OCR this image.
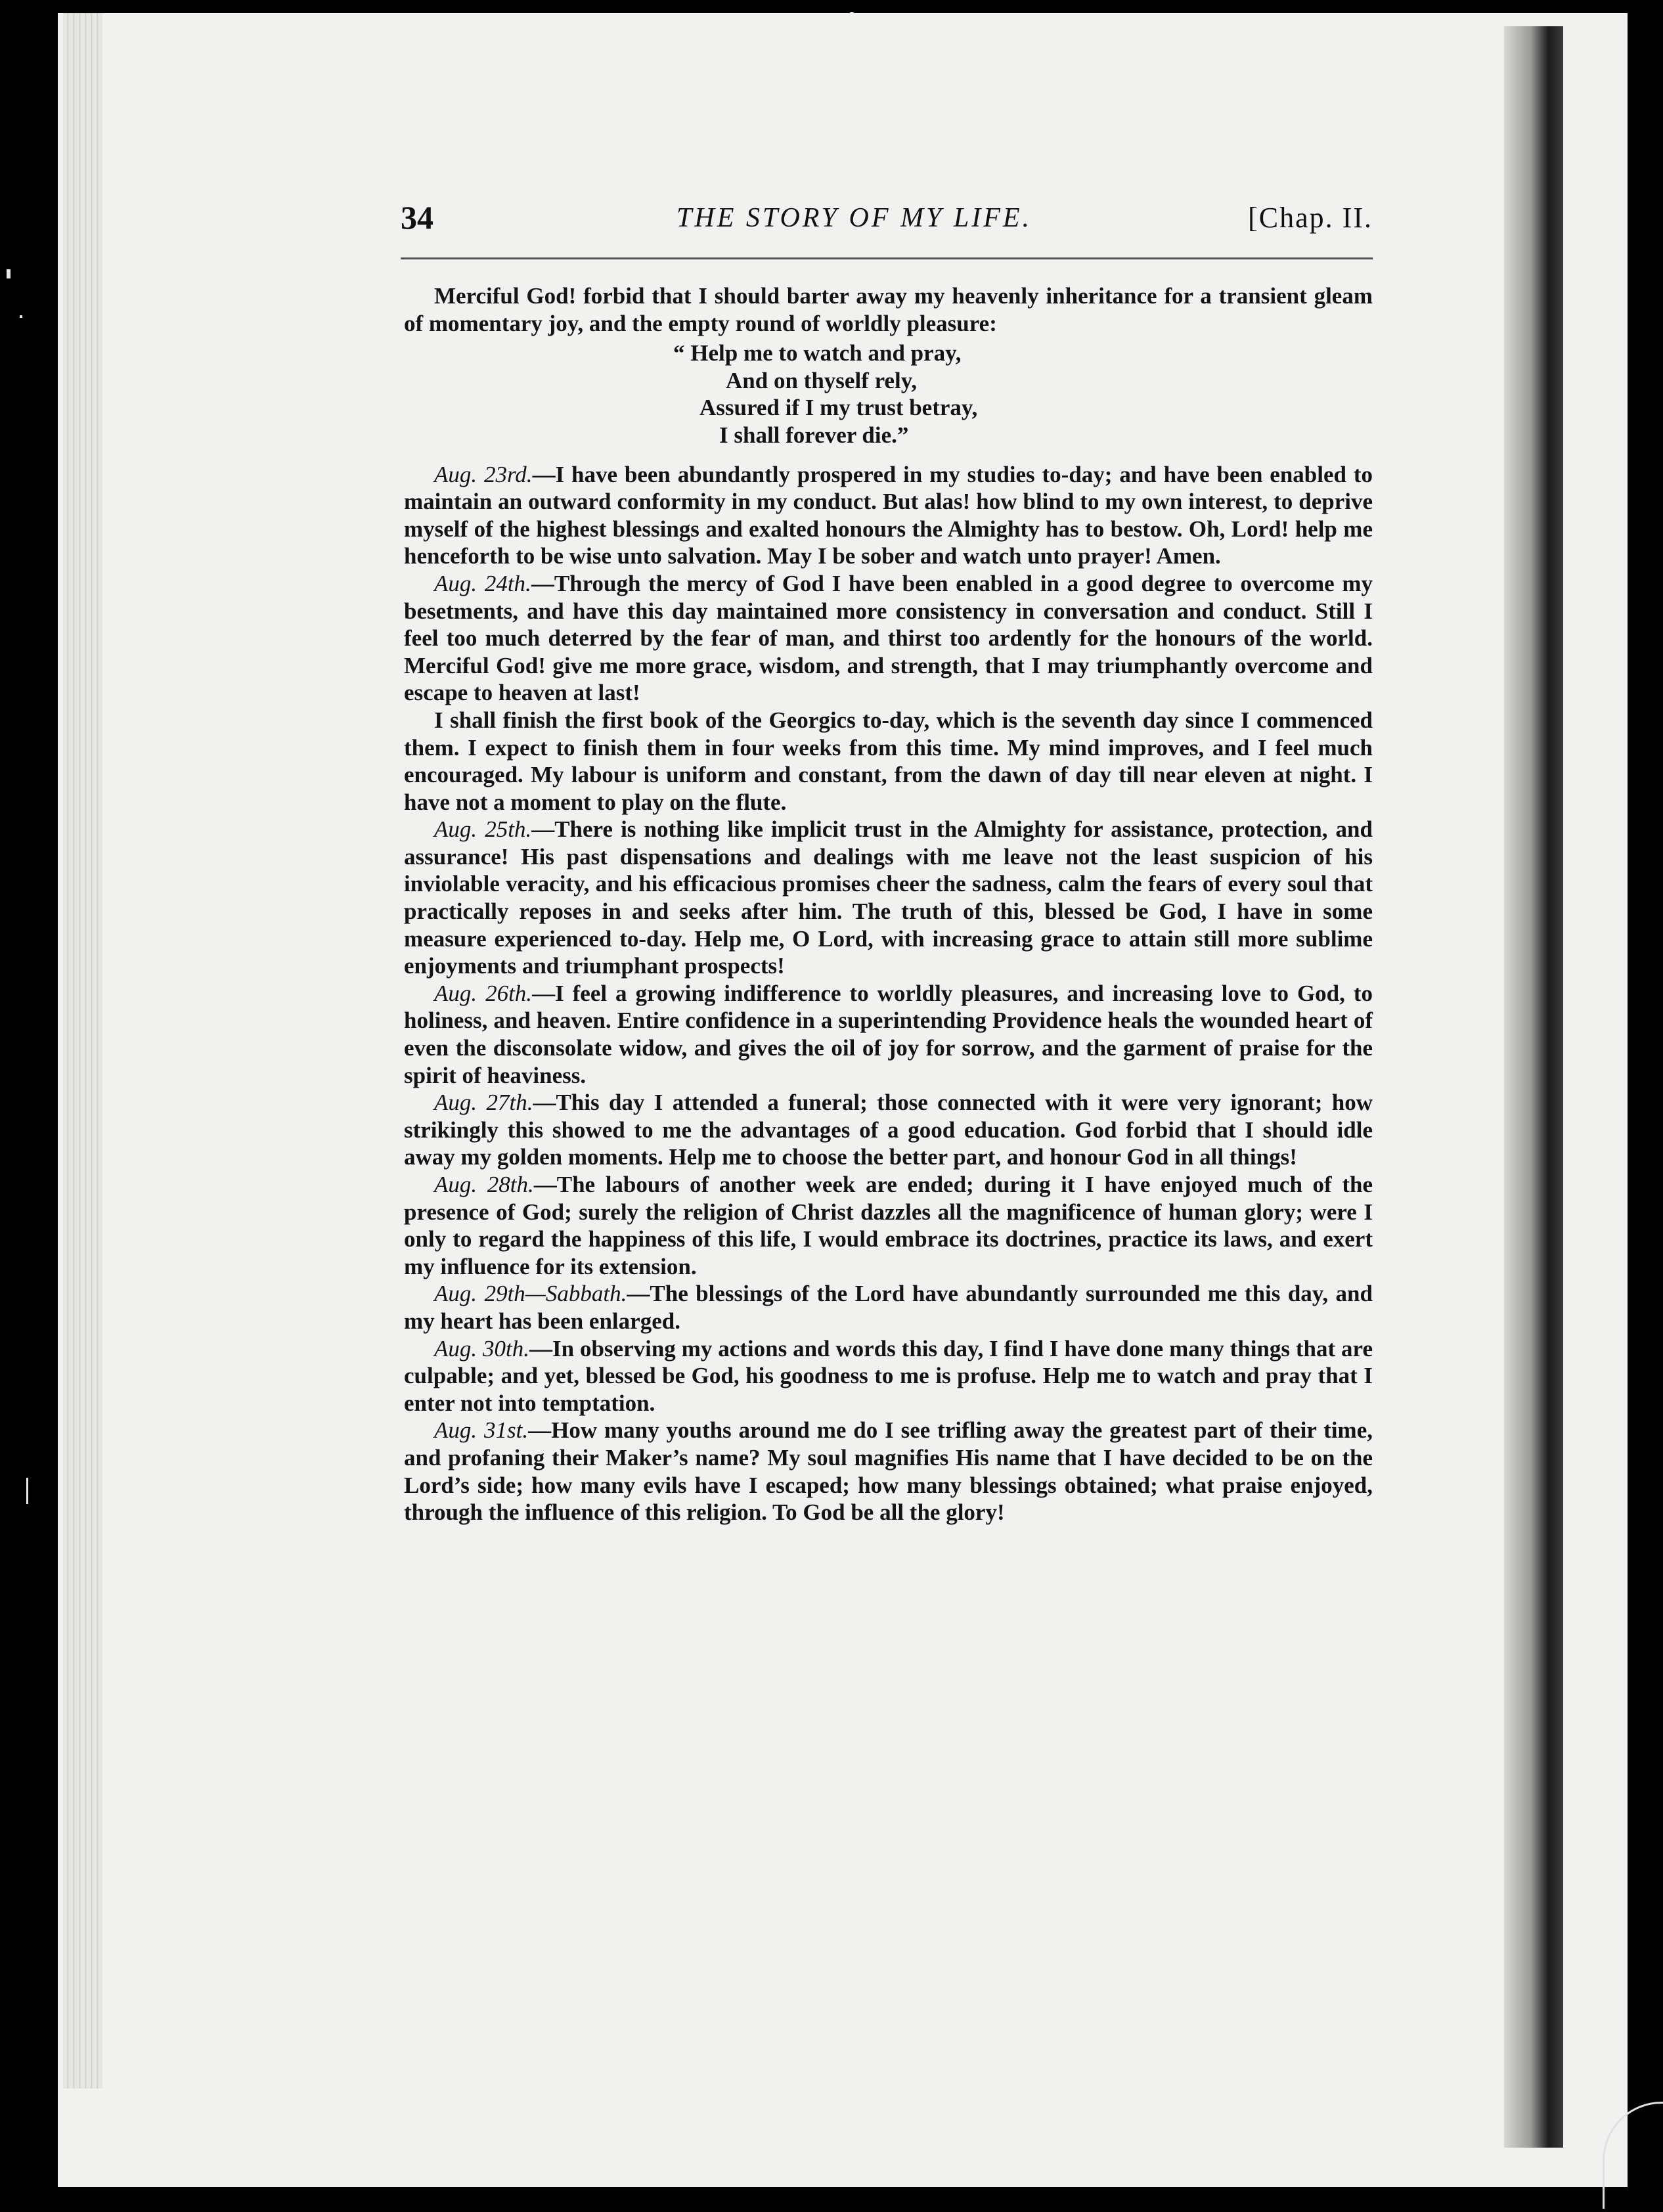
34	THE STORY OF MY LIFE.	[Chap. II.

Merciful God! forbid that I should barter away my heavenly inheritance for a transient gleam of momentary joy, and the empty round of worldly pleasure:

“ Help me to watch and pray,
And on thyself rely,
Assured if I my trust betray,
I shall forever die.”

Aug. 23rd.—I have been abundantly prospered in my studies to-day; and have been enabled to maintain an outward conformity in my conduct. But alas! how blind to my own interest, to deprive myself of the highest blessings and exalted honours the Almighty has to bestow. Oh, Lord! help me henceforth to be wise unto salvation. May I be sober and watch unto prayer! Amen.

Aug. 24th.—Through the mercy of God I have been enabled in a good degree to overcome my besetments, and have this day maintained more consistency in conversation and conduct. Still I feel too much deterred by the fear of man, and thirst too ardently for the honours of the world. Merciful God! give me more grace, wisdom, and strength, that I may triumphantly overcome and escape to heaven at last!

I shall finish the first book of the Georgics to-day, which is the seventh day since I commenced them. I expect to finish them in four weeks from this time. My mind improves, and I feel much encouraged. My labour is uniform and constant, from the dawn of day till near eleven at night. I have not a moment to play on the flute.

Aug. 25th.—There is nothing like implicit trust in the Almighty for assistance, protection, and assurance! His past dispensations and dealings with me leave not the least suspicion of his inviolable veracity, and his efficacious promises cheer the sadness, calm the fears of every soul that practically reposes in and seeks after him. The truth of this, blessed be God, I have in some measure experienced to-day. Help me, O Lord, with increasing grace to attain still more sublime enjoyments and triumphant prospects!

Aug. 26th.—I feel a growing indifference to worldly pleasures, and increasing love to God, to holiness, and heaven. Entire confidence in a superintending Providence heals the wounded heart of even the disconsolate widow, and gives the oil of joy for sorrow, and the garment of praise for the spirit of heaviness.

Aug. 27th.—This day I attended a funeral; those connected with it were very ignorant; how strikingly this showed to me the advantages of a good education. God forbid that I should idle away my golden moments. Help me to choose the better part, and honour God in all things!

Aug. 28th.—The labours of another week are ended; during it I have enjoyed much of the presence of God; surely the religion of Christ dazzles all the magnificence of human glory; were I only to regard the happiness of this life, I would embrace its doctrines, practice its laws, and exert my influence for its extension.

Aug. 29th—Sabbath.—The blessings of the Lord have abundantly surrounded me this day, and my heart has been enlarged.

Aug. 30th.—In observing my actions and words this day, I find I have done many things that are culpable; and yet, blessed be God, his goodness to me is profuse. Help me to watch and pray that I enter not into temptation.

Aug. 31st.—How many youths around me do I see trifling away the greatest part of their time, and profaning their Maker’s name? My soul magnifies His name that I have decided to be on the Lord’s side; how many evils have I escaped; how many blessings obtained; what praise enjoyed, through the influence of this religion. To God be all the glory!
